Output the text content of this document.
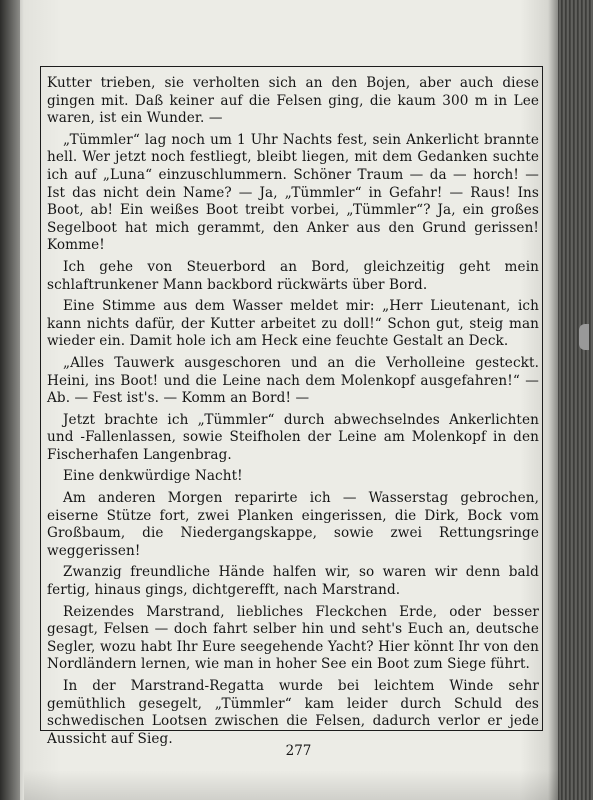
Kutter trieben, sie verholten sich an den Bojen, aber auch diese gingen mit. Daß keiner auf die Felsen ging, die kaum 300 m in Lee waren, ist ein Wunder. —

„Tümmler“ lag noch um 1 Uhr Nachts fest, sein Ankerlicht brannte hell. Wer jetzt noch festliegt, bleibt liegen, mit dem Gedanken suchte ich auf „Luna“ einzuschlummern. Schöner Traum — da — horch! — Ist das nicht dein Name? — Ja, „Tümmler“ in Gefahr! — Raus! Ins Boot, ab! Ein weißes Boot treibt vorbei, „Tümmler“? Ja, ein großes Segelboot hat mich gerammt, den Anker aus den Grund gerissen! Komme!

Ich gehe von Steuerbord an Bord, gleichzeitig geht mein schlaftrunkener Mann backbord rückwärts über Bord.

Eine Stimme aus dem Wasser meldet mir: „Herr Lieutenant, ich kann nichts dafür, der Kutter arbeitet zu doll!“ Schon gut, steig man wieder ein. Damit hole ich am Heck eine feuchte Gestalt an Deck.

„Alles Tauwerk ausgeschoren und an die Verholleine gesteckt. Heini, ins Boot! und die Leine nach dem Molenkopf ausgefahren!“ — Ab. — Fest ist's. — Komm an Bord! —

Jetzt brachte ich „Tümmler“ durch abwechselndes Ankerlichten und -Fallenlassen, sowie Steifholen der Leine am Molenkopf in den Fischerhafen Langenbrag.

Eine denkwürdige Nacht!

Am anderen Morgen reparirte ich — Wasserstag gebrochen, eiserne Stütze fort, zwei Planken eingerissen, die Dirk, Bock vom Großbaum, die Niedergangskappe, sowie zwei Rettungsringe weggerissen!

Zwanzig freundliche Hände halfen wir, so waren wir denn bald fertig, hinaus gings, dichtgerefft, nach Marstrand.

Reizendes Marstrand, liebliches Fleckchen Erde, oder besser gesagt, Felsen — doch fahrt selber hin und seht's Euch an, deutsche Segler, wozu habt Ihr Eure seegehende Yacht? Hier könnt Ihr von den Nordländern lernen, wie man in hoher See ein Boot zum Siege führt.

In der Marstrand-Regatta wurde bei leichtem Winde sehr gemüthlich gesegelt, „Tümmler“ kam leider durch Schuld des schwedischen Lootsen zwischen die Felsen, dadurch verlor er jede Aussicht auf Sieg.

277
